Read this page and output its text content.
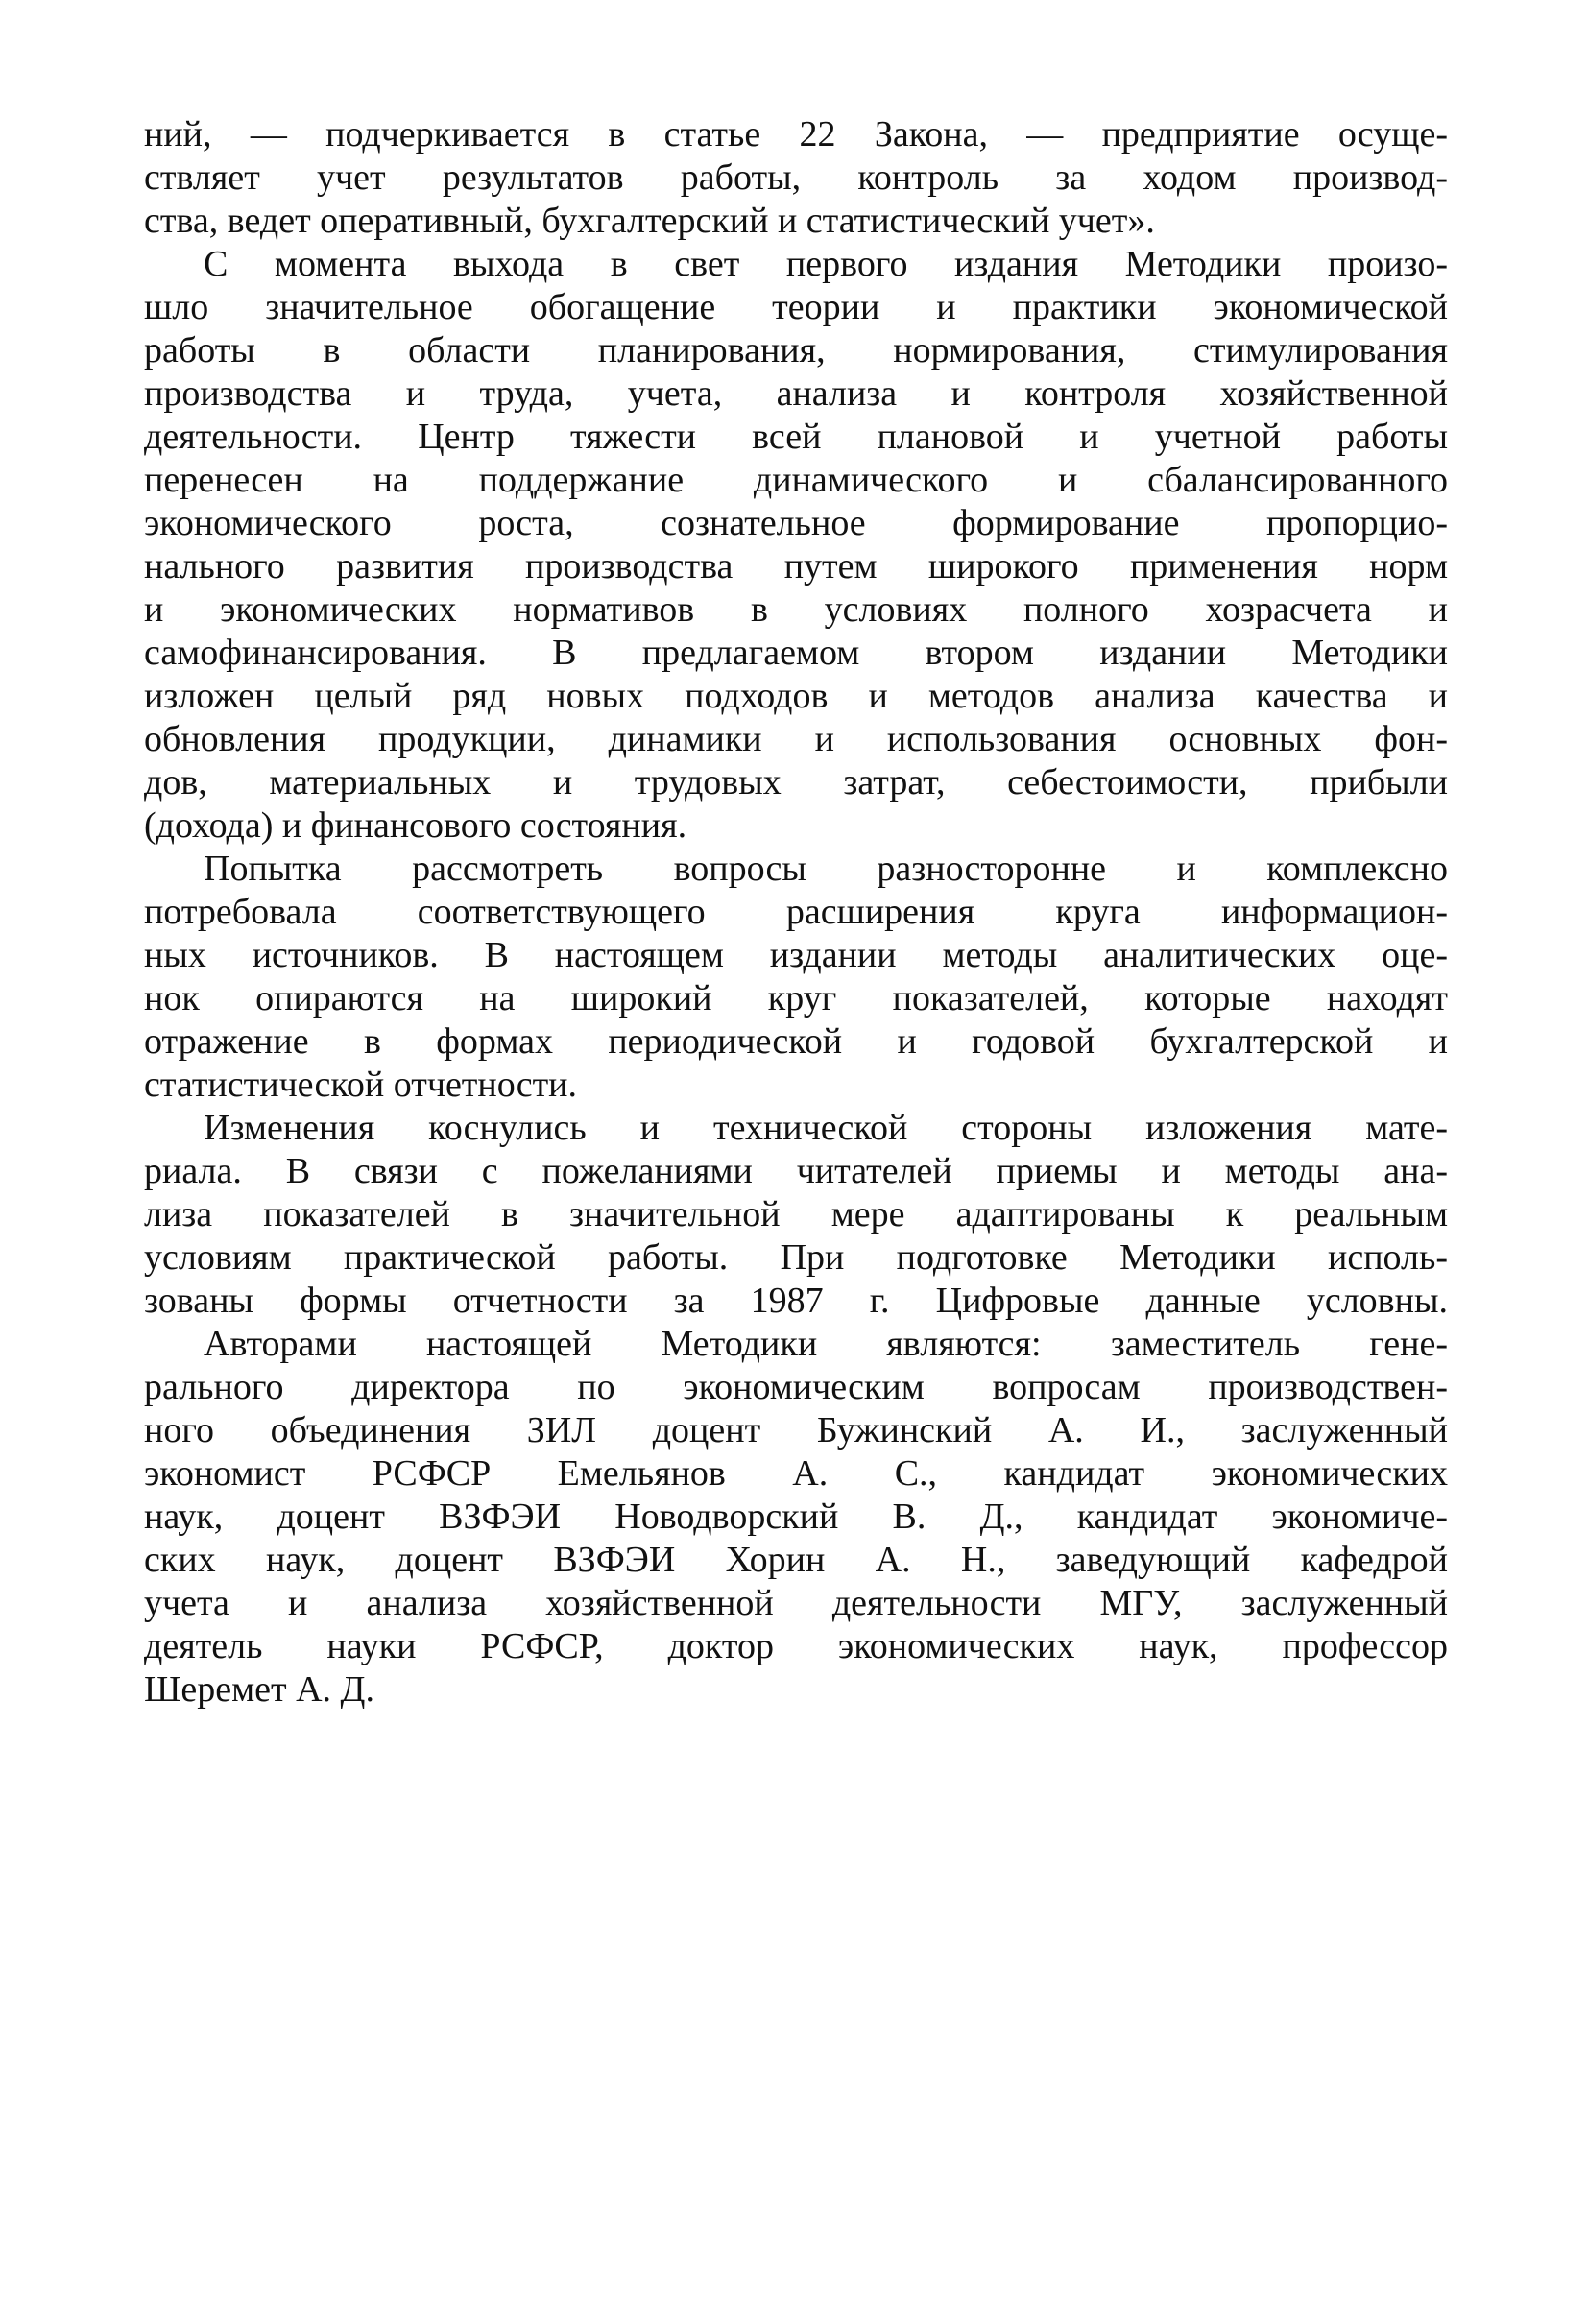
ний, — подчеркивается в статье 22 Закона, — предприятие осуще-
ствляет учет результатов работы, контроль за ходом производ-
ства, ведет оперативный, бухгалтерский и статистический учет».
С момента выхода в свет первого издания Методики произо-
шло значительное обогащение теории и практики экономической
работы в области планирования, нормирования, стимулирования
производства и труда, учета, анализа и контроля хозяйственной
деятельности. Центр тяжести всей плановой и учетной работы
перенесен на поддержание динамического и сбалансированного
экономического роста, сознательное формирование пропорцио-
нального развития производства путем широкого применения норм
и экономических нормативов в условиях полного хозрасчета и
самофинансирования. В предлагаемом втором издании Методики
изложен целый ряд новых подходов и методов анализа качества и
обновления продукции, динамики и использования основных фон-
дов, материальных и трудовых затрат, себестоимости, прибыли
(дохода) и финансового состояния.
Попытка рассмотреть вопросы разносторонне и комплексно
потребовала соответствующего расширения круга информацион-
ных источников. В настоящем издании методы аналитических оце-
нок опираются на широкий круг показателей, которые находят
отражение в формах периодической и годовой бухгалтерской и
статистической отчетности.
Изменения коснулись и технической стороны изложения мате-
риала. В связи с пожеланиями читателей приемы и методы ана-
лиза показателей в значительной мере адаптированы к реальным
условиям практической работы. При подготовке Методики исполь-
зованы формы отчетности за 1987 г. Цифровые данные условны.
Авторами настоящей Методики являются: заместитель гене-
рального директора по экономическим вопросам производствен-
ного объединения ЗИЛ доцент Бужинский А. И., заслуженный
экономист РСФСР Емельянов А. С., кандидат экономических
наук, доцент ВЗФЭИ Новодворский В. Д., кандидат экономиче-
ских наук, доцент ВЗФЭИ Хорин А. Н., заведующий кафедрой
учета и анализа хозяйственной деятельности МГУ, заслуженный
деятель науки РСФСР, доктор экономических наук, профессор
Шеремет А. Д.
